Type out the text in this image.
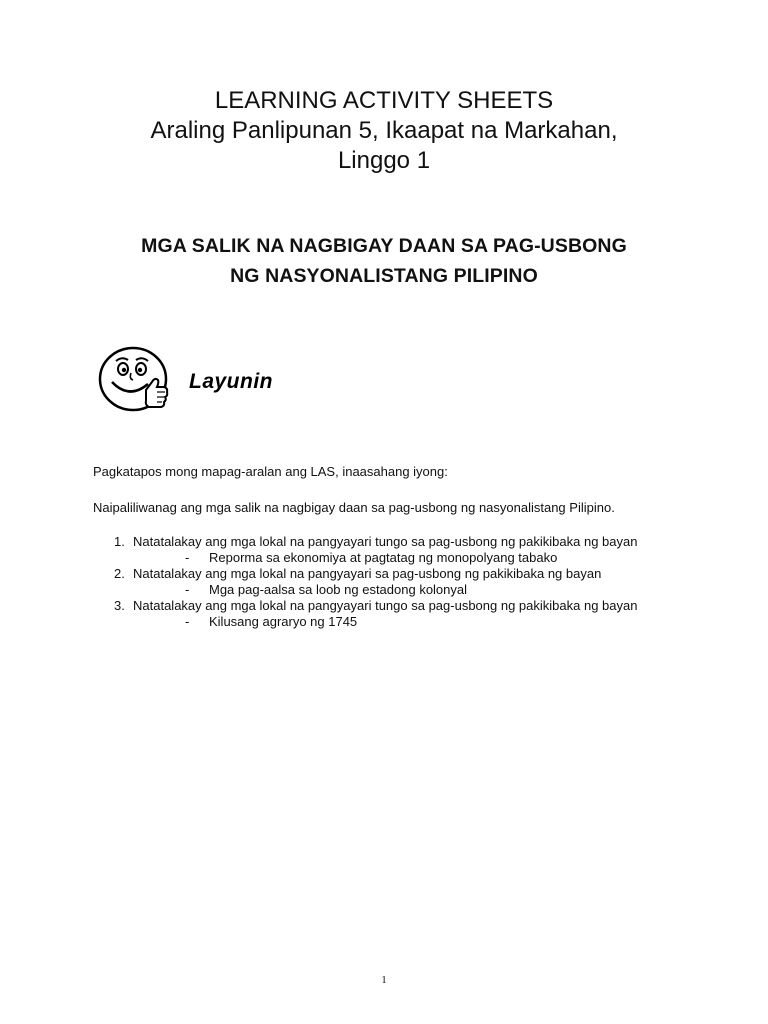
LEARNING ACTIVITY SHEETS
Araling Panlipunan 5, Ikaapat na Markahan,
Linggo 1
MGA SALIK NA NAGBIGAY DAAN SA PAG-USBONG
NG NASYONALISTANG PILIPINO
Layunin
Pagkatapos mong mapag-aralan ang LAS, inaasahang iyong:
Naipaliliwanag ang mga salik na nagbigay daan sa pag-usbong ng nasyonalistang Pilipino.
1. Natatalakay ang mga lokal na pangyayari tungo sa pag-usbong ng pakikibaka ng bayan
- Reporma sa ekonomiya at pagtatag ng monopolyang tabako
2. Natatalakay ang mga lokal na pangyayari sa pag-usbong ng pakikibaka ng bayan
- Mga pag-aalsa sa loob ng estadong kolonyal
3. Natatalakay ang mga lokal na pangyayari tungo sa pag-usbong ng pakikibaka ng bayan
- Kilusang agraryo ng 1745
1
